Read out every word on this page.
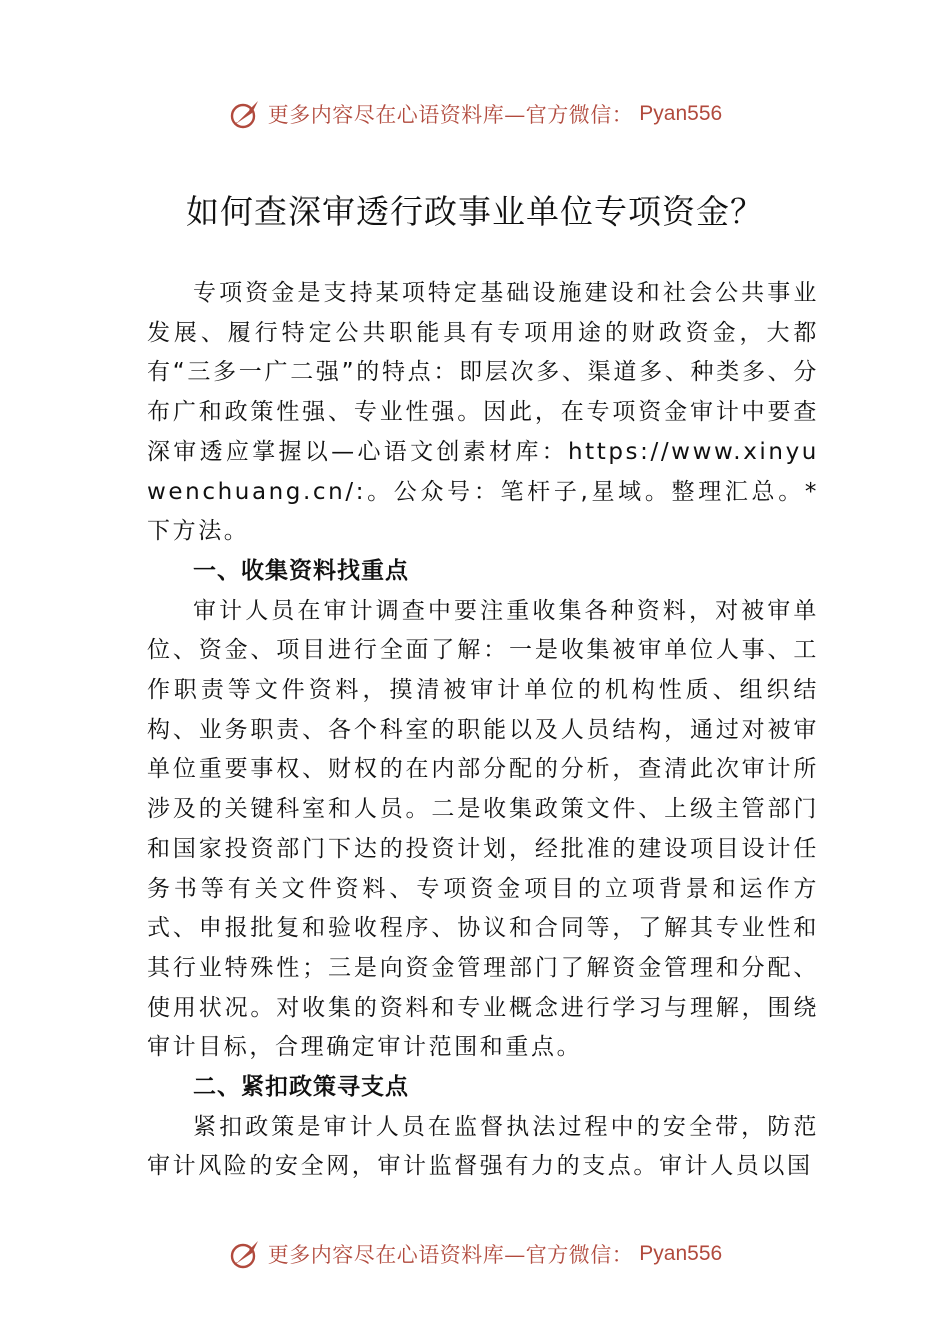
更多内容尽在心语资料库—官方微信： Pyan556
如何查深审透行政事业单位专项资金？

专项资金是支持某项特定基础设施建设和社会公共事业发展、履行特定公共职能具有专项用途的财政资金，大都有“三多一广二强”的特点：即层次多、渠道多、种类多、分布广和政策性强、专业性强。因此，在专项资金审计中要查深审透应掌握以—心语文创素材库：https://www.xinyuwenchuang.cn/:。公众号：笔杆子,星域。整理汇总。*下方法。

一、收集资料找重点

审计人员在审计调查中要注重收集各种资料，对被审单位、资金、项目进行全面了解：一是收集被审单位人事、工作职责等文件资料，摸清被审计单位的机构性质、组织结构、业务职责、各个科室的职能以及人员结构，通过对被审单位重要事权、财权的在内部分配的分析，查清此次审计所涉及的关键科室和人员。二是收集政策文件、上级主管部门和国家投资部门下达的投资计划，经批准的建设项目设计任务书等有关文件资料、专项资金项目的立项背景和运作方式、申报批复和验收程序、协议和合同等，了解其专业性和其行业特殊性；三是向资金管理部门了解资金管理和分配、使用状况。对收集的资料和专业概念进行学习与理解，围绕审计目标，合理确定审计范围和重点。

二、紧扣政策寻支点

紧扣政策是审计人员在监督执法过程中的安全带，防范审计风险的安全网，审计监督强有力的支点。审计人员以国

更多内容尽在心语资料库—官方微信： Pyan556
